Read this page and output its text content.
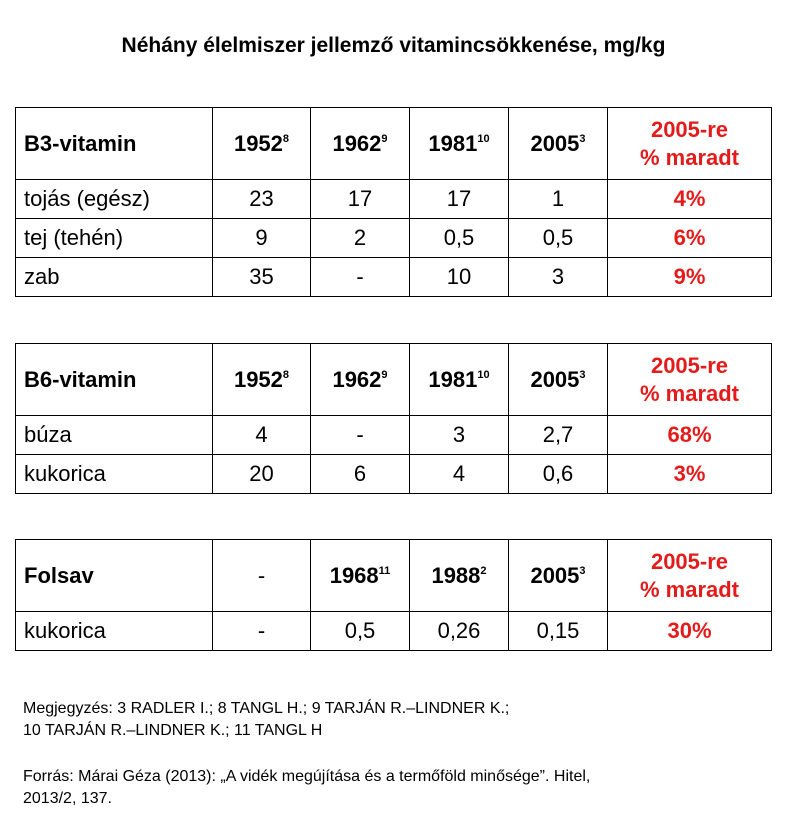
Néhány élelmiszer jellemző vitamincsökkenése, mg/kg
B3-vitamin	1952$^8$	1962$^9$	1981$^{10}$	2005$^3$	2005-re
% maradt
tojás (egész)	23	17	17	1	4%
tej (tehén)	9	2	0,5	0,5	6%
zab	35	-	10	3	9%
B6-vitamin	1952$^8$	1962$^9$	1981$^{10}$	2005$^3$	2005-re
% maradt
búza	4	-	3	2,7	68%
kukorica	20	6	4	0,6	3%
Folsav	-	1968$^{11}$	1988$^2$	2005$^3$	2005-re
% maradt
kukorica	-	0,5	0,26	0,15	30%
Megjegyzés: 3 RADLER I.; 8 TANGL H.; 9 TARJÁN R.–LINDNER K.;
10 TARJÁN R.–LINDNER K.; 11 TANGL H
Forrás: Márai Géza (2013): „A vidék megújítása és a termőföld minősége”. Hitel,
2013/2, 137.
